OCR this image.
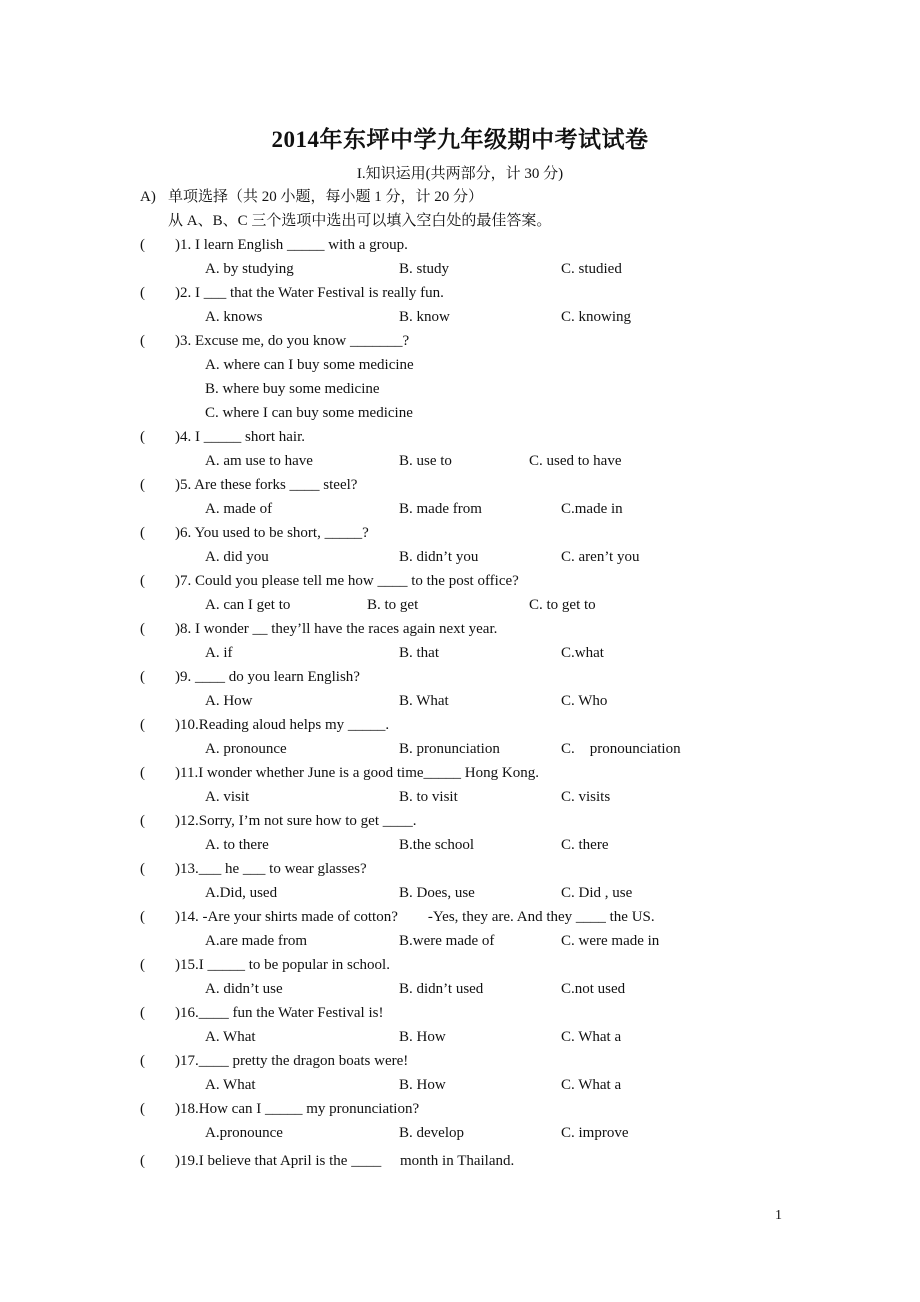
2014年东坪中学九年级期中考试试卷
I.知识运用(共两部分，计 30 分)
A) 单项选择（共 20 小题，每小题 1 分，计 20 分）
从 A、B、C 三个选项中选出可以填入空白处的最佳答案。
( )1. I learn English _____ with a group.
A. by studying	B. study	C. studied
( )2. I ___ that the Water Festival is really fun.
A. knows	B. know	C. knowing
( )3. Excuse me, do you know _______?
A. where can I buy some medicine
B. where buy some medicine
C. where I can buy some medicine
( )4. I _____ short hair.
A. am use to have	B. use to	C. used to have
( )5. Are these forks ____ steel?
A. made of	B. made from	C.made in
( )6. You used to be short, _____?
A. did you	B. didn’t you	C. aren’t you
( )7. Could you please tell me how ____ to the post office?
A. can I get to	B. to get	C. to get to
( )8. I wonder __ they’ll have the races again next year.
A. if	B. that	C.what
( )9. ____ do you learn English?
A. How	B. What	C. Who
( )10.Reading aloud helps my _____.
A. pronounce	B. pronunciation	C.　pronounciation
( )11.I wonder whether June is a good time_____ Hong Kong.
A. visit	B. to visit	C. visits
( )12.Sorry, I’m not sure how to get ____.
A. to there	B.the school	C. there
( )13.___ he ___ to wear glasses?
A.Did, used	B. Does, use	C. Did , use
( )14. -Are your shirts made of cotton?　　-Yes, they are. And they ____ the US.
A.are made from	B.were made of	C. were made in
( )15.I _____ to be popular in school.
A. didn’t use	B. didn’t used	C.not used
( )16.____ fun the Water Festival is!
A. What	B. How	C. What a
( )17.____ pretty the dragon boats were!
A. What	B. How	C. What a
( )18.How can I _____ my pronunciation?
A.pronounce	B. develop	C. improve
( )19.I believe that April is the ____　 month in Thailand.
1
